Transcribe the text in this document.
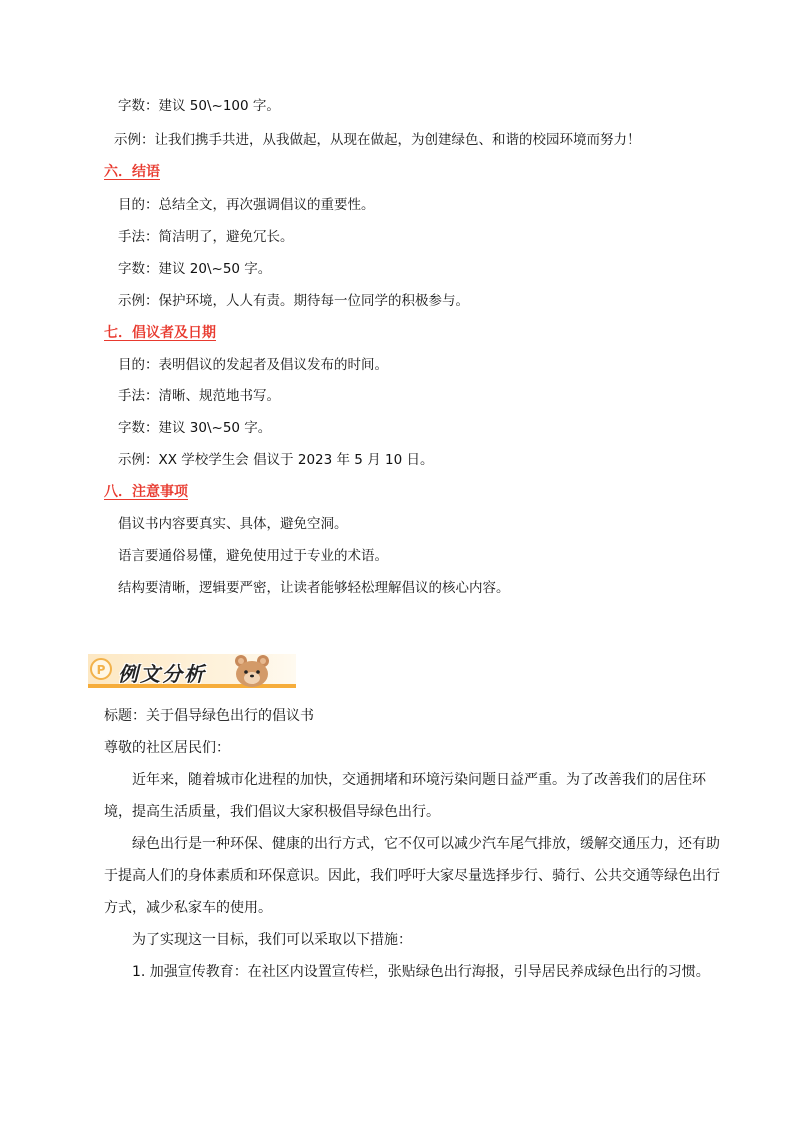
字数：建议 50\~100 字。
示例：让我们携手共进，从我做起，从现在做起，为创建绿色、和谐的校园环境而努力！
六．结语
目的：总结全文，再次强调倡议的重要性。
手法：简洁明了，避免冗长。
字数：建议 20\~50 字。
示例：保护环境，人人有责。期待每一位同学的积极参与。
七．倡议者及日期
目的：表明倡议的发起者及倡议发布的时间。
手法：清晰、规范地书写。
字数：建议 30\~50 字。
示例：XX 学校学生会 倡议于 2023 年 5 月 10 日。
八．注意事项
倡议书内容要真实、具体，避免空洞。
语言要通俗易懂，避免使用过于专业的术语。
结构要清晰，逻辑要严密，让读者能够轻松理解倡议的核心内容。
P 例文分析
标题：关于倡导绿色出行的倡议书
尊敬的社区居民们：
近年来，随着城市化进程的加快，交通拥堵和环境污染问题日益严重。为了改善我们的居住环境，提高生活质量，我们倡议大家积极倡导绿色出行。
绿色出行是一种环保、健康的出行方式，它不仅可以减少汽车尾气排放，缓解交通压力，还有助于提高人们的身体素质和环保意识。因此，我们呼吁大家尽量选择步行、骑行、公共交通等绿色出行方式，减少私家车的使用。
为了实现这一目标，我们可以采取以下措施：
1. 加强宣传教育：在社区内设置宣传栏，张贴绿色出行海报，引导居民养成绿色出行的习惯。
